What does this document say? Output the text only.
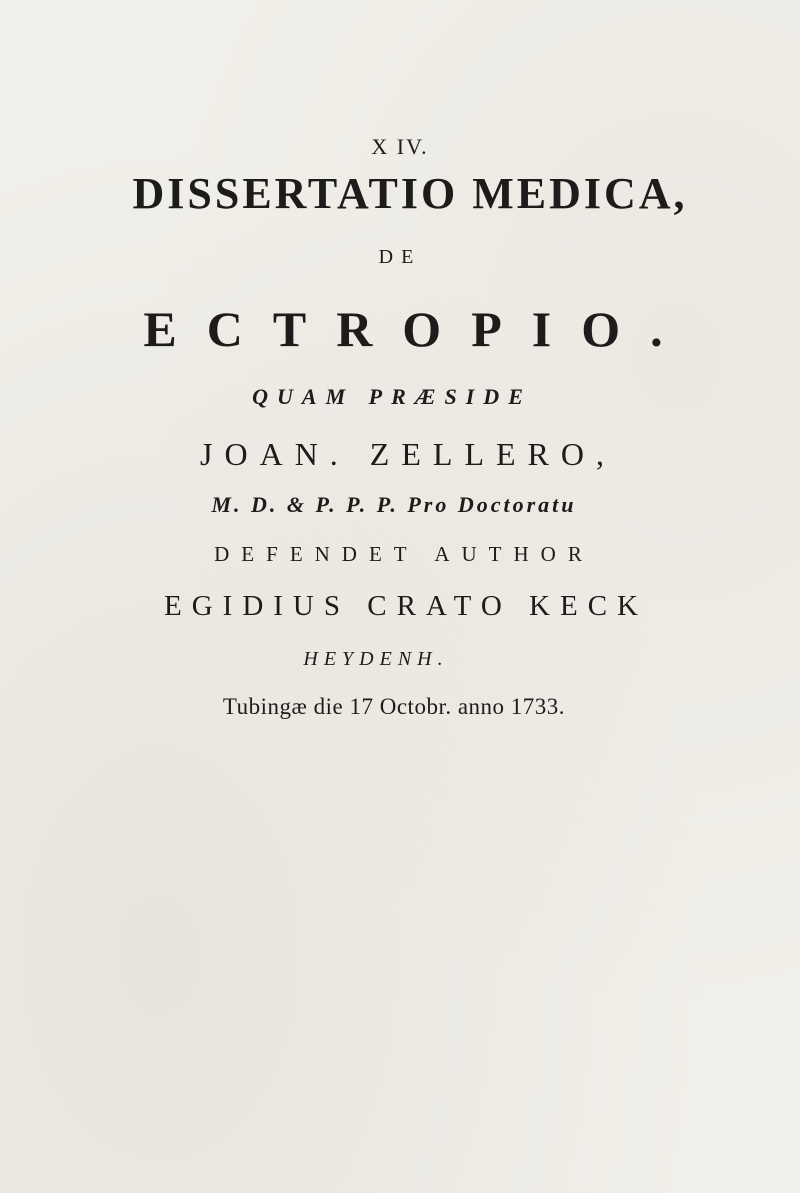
X IV.
DISSERTATIO MEDICA,
DE
ECTROPIO.
QUAM PRÆSIDE
JOAN. ZELLERO,
M. D. & P. P. P. Pro Doctoratu
DEFENDET AUTHOR
EGIDIUS CRATO KECK
HEYDENH.
Tubingæ die 17 Octobr. anno 1733.
